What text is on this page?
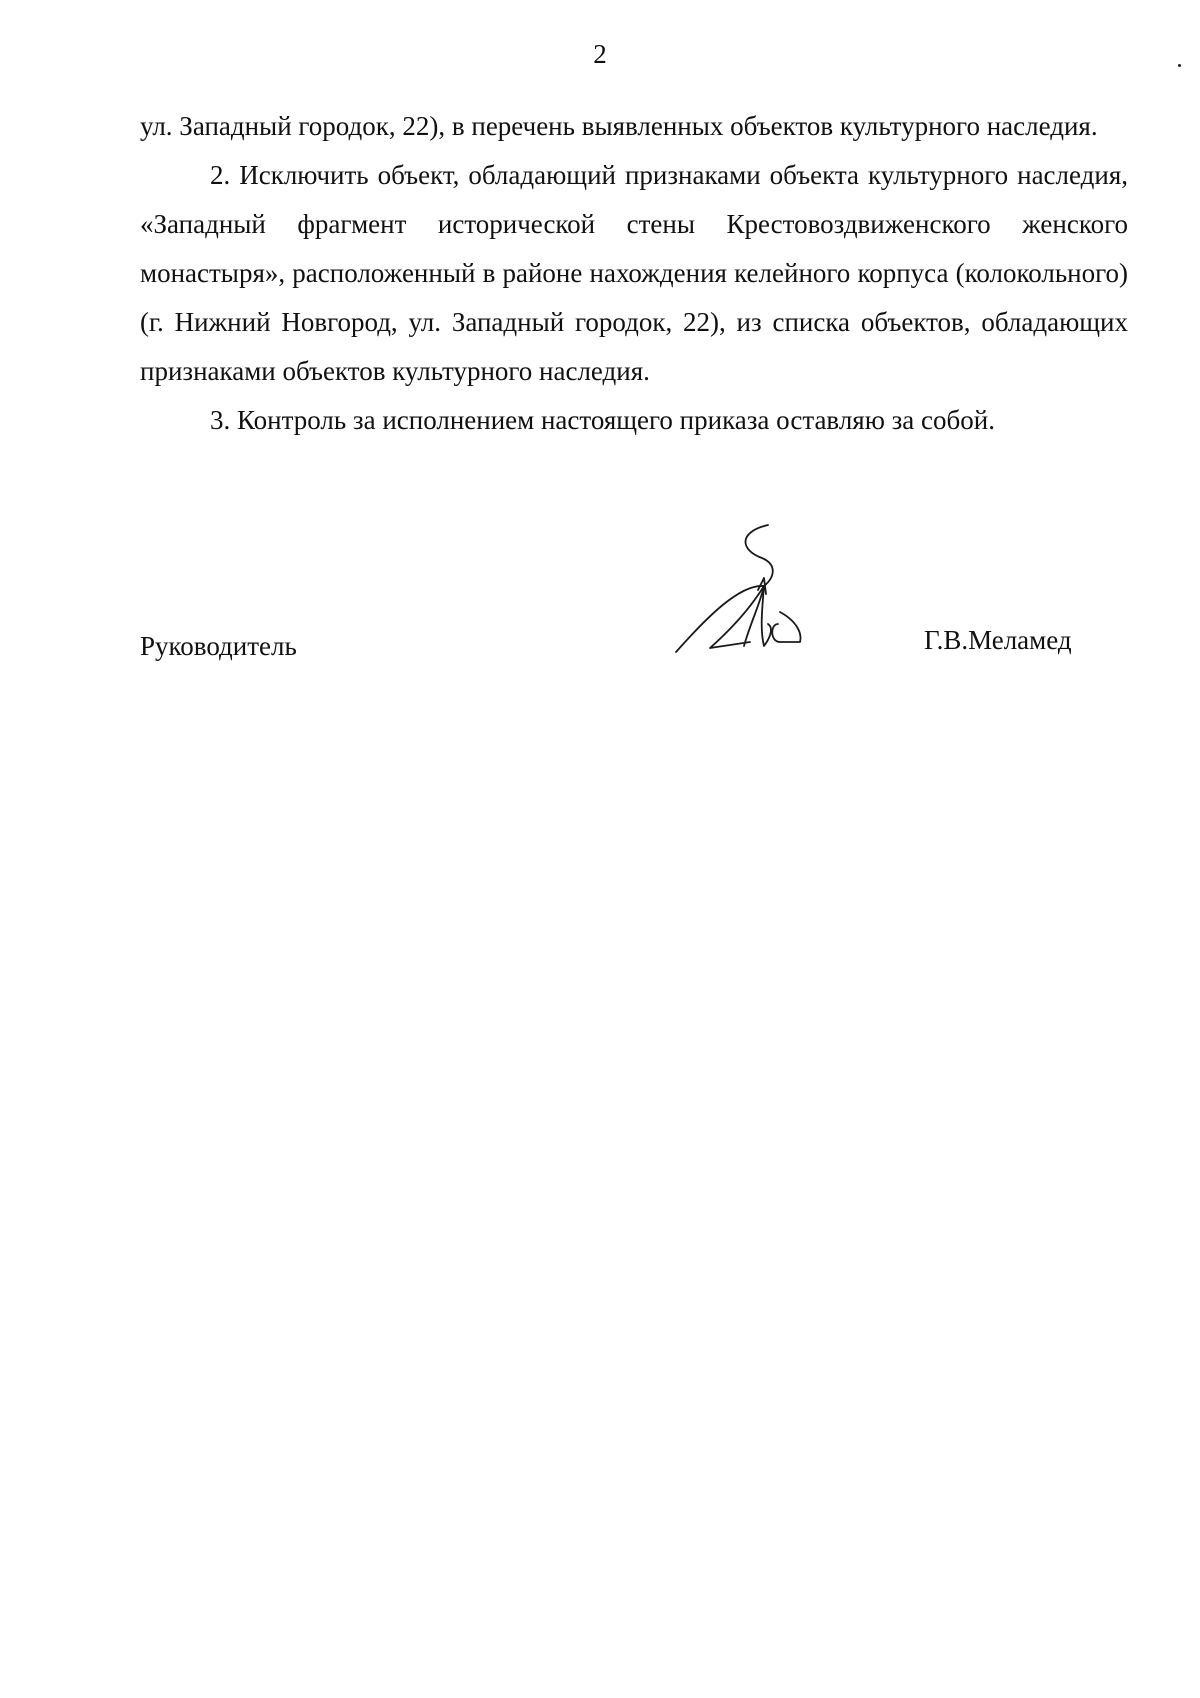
2

ул. Западный городок, 22), в перечень выявленных объектов культурного наследия.

2. Исключить объект, обладающий признаками объекта культурного наследия, «Западный фрагмент исторической стены Крестовоздвиженского женского монастыря», расположенный в районе нахождения келейного корпуса (колокольного) (г. Нижний Новгород, ул. Западный городок, 22), из списка объектов, обладающих признаками объектов культурного наследия.

3. Контроль за исполнением настоящего приказа оставляю за собой.

Руководитель	Г.В.Меламед
